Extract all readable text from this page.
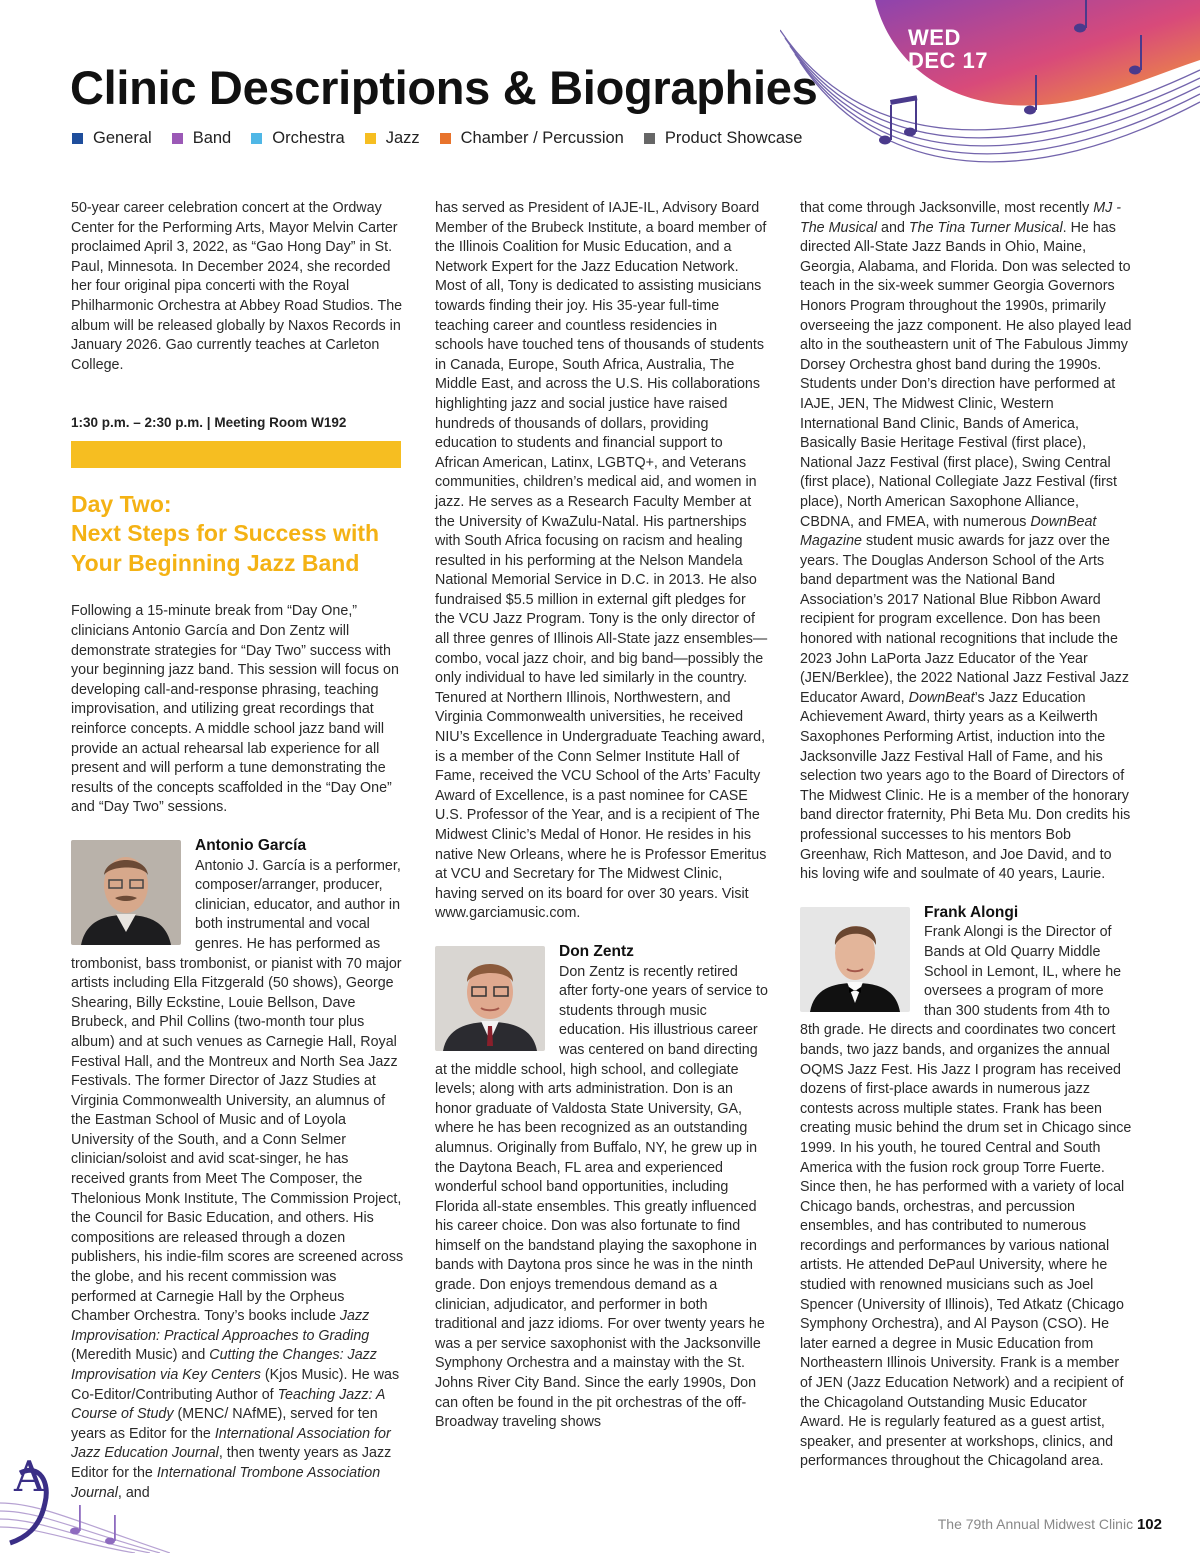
WED
DEC 17
Clinic Descriptions & Biographies
General Band Orchestra Jazz Chamber / Percussion Product Showcase

50-year career celebration concert at the Ordway Center for the Performing Arts, Mayor Melvin Carter proclaimed April 3, 2022, as “Gao Hong Day” in St. Paul, Minnesota. In December 2024, she recorded her four original pipa concerti with the Royal Philharmonic Orchestra at Abbey Road Studios. The album will be released globally by Naxos Records in January 2026. Gao currently teaches at Carleton College.

1:30 p.m. – 2:30 p.m. | Meeting Room W192
Day Two:
Next Steps for Success with Your Beginning Jazz Band

Following a 15-minute break from “Day One,” clinicians Antonio García and Don Zentz will demonstrate strategies for “Day Two” success with your beginning jazz band. This session will focus on developing call-and-response phrasing, teaching improvisation, and utilizing great recordings that reinforce concepts. A middle school jazz band will provide an actual rehearsal lab experience for all present and will perform a tune demonstrating the results of the concepts scaffolded in the “Day One” and “Day Two” sessions.

Antonio García

Antonio J. García is a performer, composer/arranger, producer, clinician, educator, and author in both instrumental and vocal genres. He has performed as trombonist, bass trombonist, or pianist with 70 major artists including Ella Fitzgerald (50 shows), George Shearing, Billy Eckstine, Louie Bellson, Dave Brubeck, and Phil Collins (two-month tour plus album) and at such venues as Carnegie Hall, Royal Festival Hall, and the Montreux and North Sea Jazz Festivals. The former Director of Jazz Studies at Virginia Commonwealth University, an alumnus of the Eastman School of Music and of Loyola University of the South, and a Conn Selmer clinician/soloist and avid scat-singer, he has received grants from Meet The Composer, the Thelonious Monk Institute, The Commission Project, the Council for Basic Education, and others. His compositions are released through a dozen publishers, his indie-film scores are screened across the globe, and his recent commission was performed at Carnegie Hall by the Orpheus Chamber Orchestra. Tony’s books include Jazz Improvisation: Practical Approaches to Grading (Meredith Music) and Cutting the Changes: Jazz Improvisation via Key Centers (Kjos Music). He was Co-Editor/Contributing Author of Teaching Jazz: A Course of Study (MENC/ NAfME), served for ten years as Editor for the International Association for Jazz Education Journal, then twenty years as Jazz Editor for the International Trombone Association Journal, and

has served as President of IAJE-IL, Advisory Board Member of the Brubeck Institute, a board member of the Illinois Coalition for Music Education, and a Network Expert for the Jazz Education Network. Most of all, Tony is dedicated to assisting musicians towards finding their joy. His 35-year full-time teaching career and countless residencies in schools have touched tens of thousands of students in Canada, Europe, South Africa, Australia, The Middle East, and across the U.S. His collaborations highlighting jazz and social justice have raised hundreds of thousands of dollars, providing education to students and financial support to African American, Latinx, LGBTQ+, and Veterans communities, children’s medical aid, and women in jazz. He serves as a Research Faculty Member at the University of KwaZulu-Natal. His partnerships with South Africa focusing on racism and healing resulted in his performing at the Nelson Mandela National Memorial Service in D.C. in 2013. He also fundraised $5.5 million in external gift pledges for the VCU Jazz Program. Tony is the only director of all three genres of Illinois All-State jazz ensembles—combo, vocal jazz choir, and big band—possibly the only individual to have led similarly in the country. Tenured at Northern Illinois, Northwestern, and Virginia Commonwealth universities, he received NIU’s Excellence in Undergraduate Teaching award, is a member of the Conn Selmer Institute Hall of Fame, received the VCU School of the Arts’ Faculty Award of Excellence, is a past nominee for CASE U.S. Professor of the Year, and is a recipient of The Midwest Clinic’s Medal of Honor. He resides in his native New Orleans, where he is Professor Emeritus at VCU and Secretary for The Midwest Clinic, having served on its board for over 30 years. Visit www.garciamusic.com.

Don Zentz

Don Zentz is recently retired after forty-one years of service to students through music education. His illustrious career was centered on band directing at the middle school, high school, and collegiate levels; along with arts administration. Don is an honor graduate of Valdosta State University, GA, where he has been recognized as an outstanding alumnus. Originally from Buffalo, NY, he grew up in the Daytona Beach, FL area and experienced wonderful school band opportunities, including Florida all-state ensembles. This greatly influenced his career choice. Don was also fortunate to find himself on the bandstand playing the saxophone in bands with Daytona pros since he was in the ninth grade. Don enjoys tremendous demand as a clinician, adjudicator, and performer in both traditional and jazz idioms. For over twenty years he was a per service saxophonist with the Jacksonville Symphony Orchestra and a mainstay with the St. Johns River City Band. Since the early 1990s, Don can often be found in the pit orchestras of the off-Broadway traveling shows

that come through Jacksonville, most recently MJ - The Musical and The Tina Turner Musical. He has directed All-State Jazz Bands in Ohio, Maine, Georgia, Alabama, and Florida. Don was selected to teach in the six-week summer Georgia Governors Honors Program throughout the 1990s, primarily overseeing the jazz component. He also played lead alto in the southeastern unit of The Fabulous Jimmy Dorsey Orchestra ghost band during the 1990s. Students under Don’s direction have performed at IAJE, JEN, The Midwest Clinic, Western International Band Clinic, Bands of America, Basically Basie Heritage Festival (first place), National Jazz Festival (first place), Swing Central (first place), National Collegiate Jazz Festival (first place), North American Saxophone Alliance, CBDNA, and FMEA, with numerous DownBeat Magazine student music awards for jazz over the years. The Douglas Anderson School of the Arts band department was the National Band Association’s 2017 National Blue Ribbon Award recipient for program excellence. Don has been honored with national recognitions that include the 2023 John LaPorta Jazz Educator of the Year (JEN/Berklee), the 2022 National Jazz Festival Jazz Educator Award, DownBeat’s Jazz Education Achievement Award, thirty years as a Keilwerth Saxophones Performing Artist, induction into the Jacksonville Jazz Festival Hall of Fame, and his selection two years ago to the Board of Directors of The Midwest Clinic. He is a member of the honorary band director fraternity, Phi Beta Mu. Don credits his professional successes to his mentors Bob Greenhaw, Rich Matteson, and Joe David, and to his loving wife and soulmate of 40 years, Laurie.

Frank Alongi

Frank Alongi is the Director of Bands at Old Quarry Middle School in Lemont, IL, where he oversees a program of more than 300 students from 4th to 8th grade. He directs and coordinates two concert bands, two jazz bands, and organizes the annual OQMS Jazz Fest. His Jazz I program has received dozens of first-place awards in numerous jazz contests across multiple states. Frank has been creating music behind the drum set in Chicago since 1999. In his youth, he toured Central and South America with the fusion rock group Torre Fuerte. Since then, he has performed with a variety of local Chicago bands, orchestras, and percussion ensembles, and has contributed to numerous recordings and performances by various national artists. He attended DePaul University, where he studied with renowned musicians such as Joel Spencer (University of Illinois), Ted Atkatz (Chicago Symphony Orchestra), and Al Payson (CSO). He later earned a degree in Music Education from Northeastern Illinois University. Frank is a member of JEN (Jazz Education Network) and a recipient of the Chicagoland Outstanding Music Educator Award. He is regularly featured as a guest artist, speaker, and presenter at workshops, clinics, and performances throughout the Chicagoland area.

A
The 79th Annual Midwest Clinic 102
